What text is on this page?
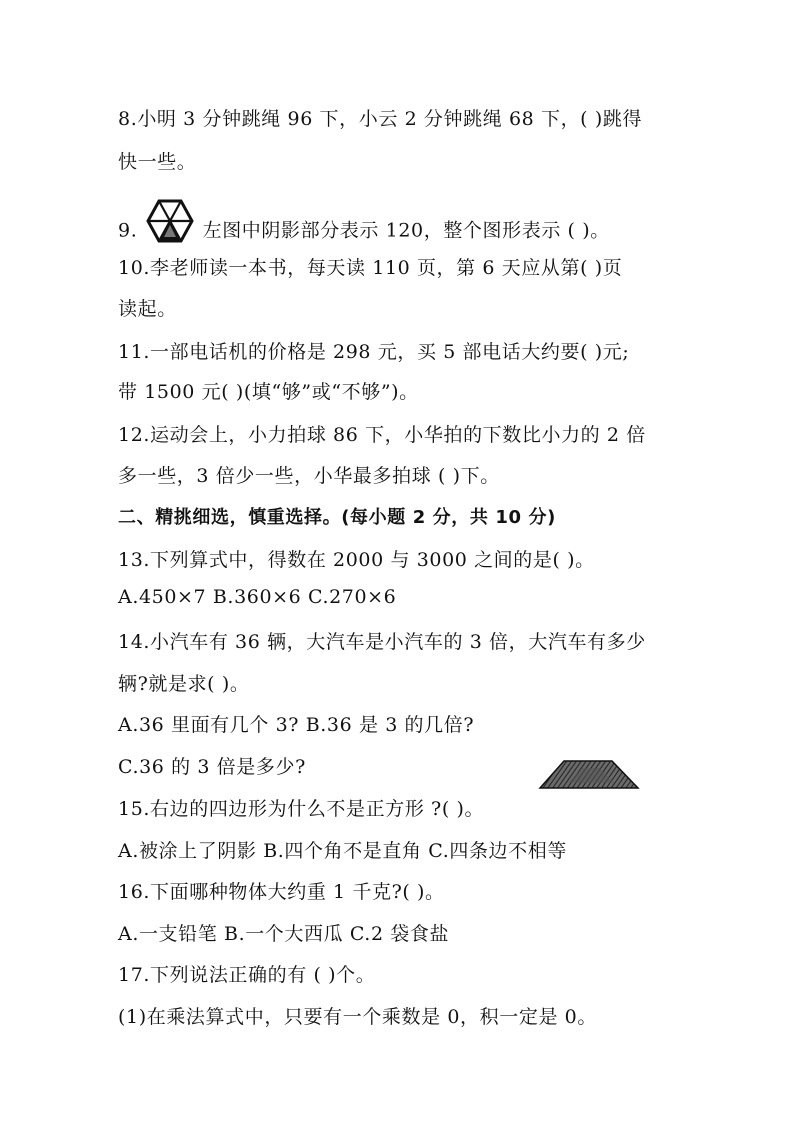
8.小明 3 分钟跳绳 96 下，小云 2 分钟跳绳 68 下，( )跳得
快一些。
9.	左图中阴影部分表示 120，整个图形表示 ( )。
10.李老师读一本书，每天读 110 页，第 6 天应从第( )页
读起。
11.一部电话机的价格是 298 元，买 5 部电话大约要( )元;
带 1500 元( )(填“够”或“不够”)。
12.运动会上，小力拍球 86 下，小华拍的下数比小力的 2 倍
多一些，3 倍少一些，小华最多拍球 ( )下。
二、精挑细选，慎重选择。(每小题 2 分，共 10 分)
13.下列算式中，得数在 2000 与 3000 之间的是( )。
A.450×7 B.360×6 C.270×6
14.小汽车有 36 辆，大汽车是小汽车的 3 倍，大汽车有多少
辆?就是求( )。
A.36 里面有几个 3? B.36 是 3 的几倍?
C.36 的 3 倍是多少?
15.右边的四边形为什么不是正方形 ?( )。
A.被涂上了阴影 B.四个角不是直角 C.四条边不相等
16.下面哪种物体大约重 1 千克?( )。
A.一支铅笔 B.一个大西瓜 C.2 袋食盐
17.下列说法正确的有 ( )个。
(1)在乘法算式中，只要有一个乘数是 0，积一定是 0。
